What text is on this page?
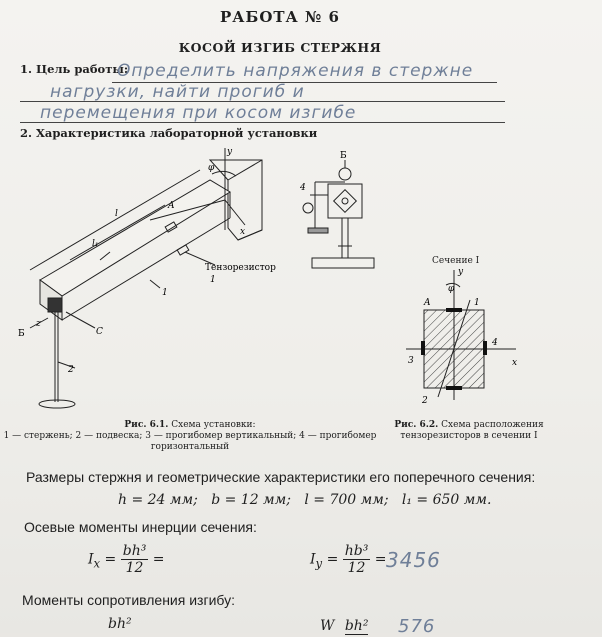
РАБОТА № 6
КОСОЙ ИЗГИБ СТЕРЖНЯ
1. Цель работы:
Определить напряжения в стержне
нагрузки, найти прогиб и
перемещения при косом изгибе
2. Характеристика лабораторной установки
y
φ
x
A
l
l₁
Тензорезистор
1
1
Б
z
C
2
4
Б
Сечение I
y
φ
A	1
4
x
3
2
Рис. 6.1. Схема установки:
1 — стержень; 2 — подвеска; 3 — прогибомер вертикальный; 4 — прогибомер
горизонтальный
Рис. 6.2. Схема расположения
тензорезисторов в сечении I
Размеры стержня и геометрические характеристики его поперечного сечения:
h = 24 мм;   b = 12 мм;   l = 700 мм;   l₁ = 650 мм.
Осевые моменты инерции сечения:
$I_x = \frac{\text{bh³}}{12}$ =	$I_y = \frac{\text{hb³}}{12} = 3456$
Моменты сопротивления изгибу:
bh²	W bh² 576
